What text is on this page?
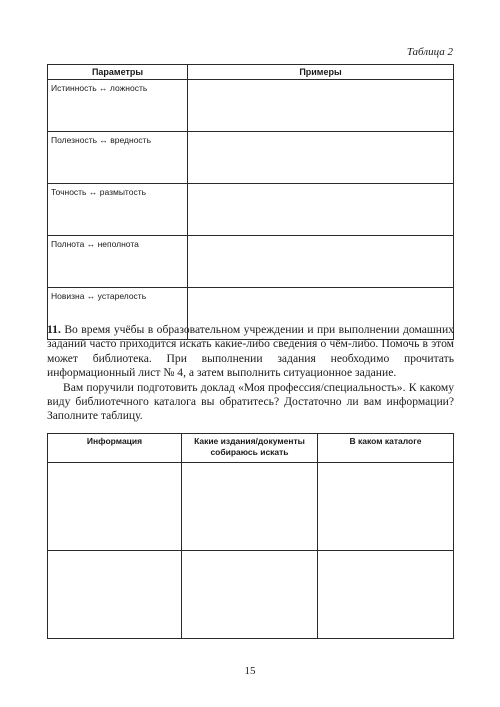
Таблица 2
Параметры	Примеры
Истинность ↔ ложность	
Полезность ↔ вредность	
Точность ↔ размытость	
Полнота ↔ неполнота	
Новизна ↔ устарелость	

11. Во время учёбы в образовательном учреждении и при выполнении домашних заданий часто приходится искать какие-либо сведения о чём-либо. Помочь в этом может библиотека. При выполнении задания необходимо прочитать информационный лист № 4, а затем выполнить ситуационное задание.

Вам поручили подготовить доклад «Моя профессия/специальность». К какому виду библиотечного каталога вы обратитесь? Достаточно ли вам информации? Заполните таблицу.

Информация	Какие издания/документы собираюсь искать	В каком каталоге

15
